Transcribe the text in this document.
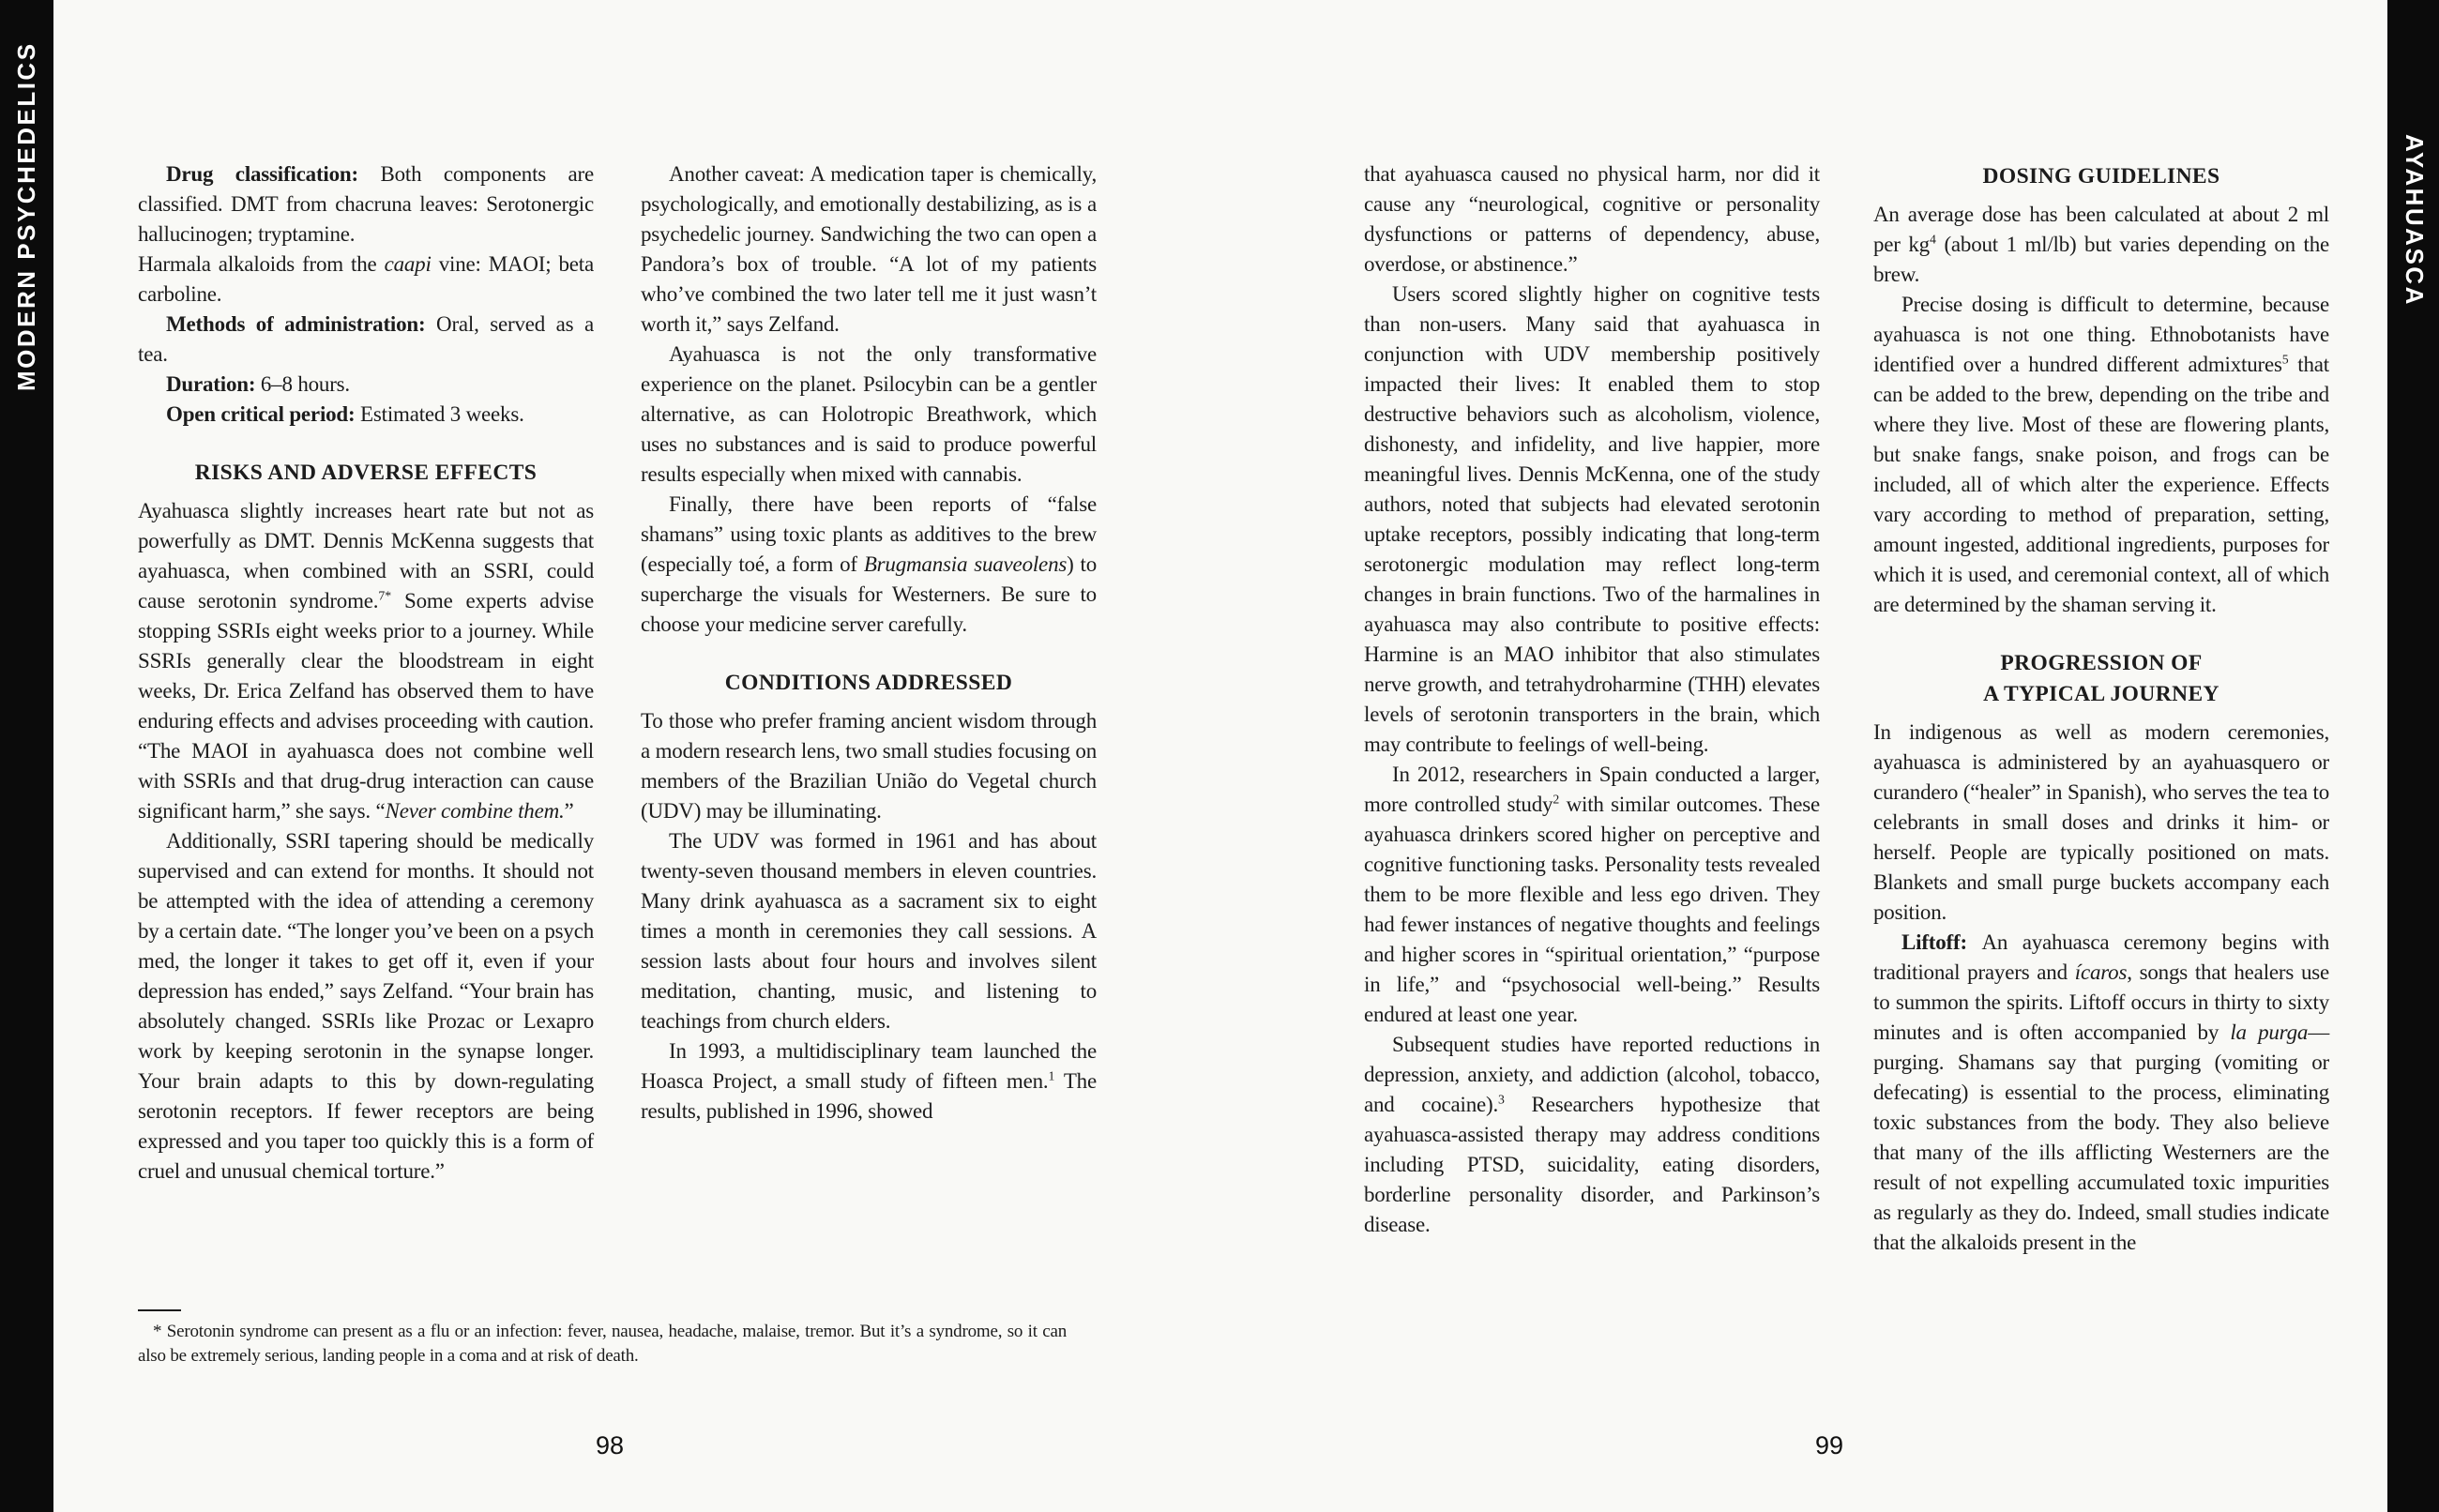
MODERN PSYCHEDELICS	AYAHUASCA

Drug classification: Both components are classified. DMT from chacruna leaves: Serotonergic hallucinogen; tryptamine.

Harmala alkaloids from the caapi vine: MAOI; beta carboline.

Methods of administration: Oral, served as a tea.

Duration: 6–8 hours.

Open critical period: Estimated 3 weeks.

RISKS AND ADVERSE EFFECTS

Ayahuasca slightly increases heart rate but not as powerfully as DMT. Dennis McKenna suggests that ayahuasca, when combined with an SSRI, could cause serotonin syndrome.$^{7*}$ Some experts advise stopping SSRIs eight weeks prior to a journey. While SSRIs generally clear the bloodstream in eight weeks, Dr. Erica Zelfand has observed them to have enduring effects and advises proceeding with caution. “The MAOI in ayahuasca does not combine well with SSRIs and that drug-drug interaction can cause significant harm,” she says. “Never combine them.”

Additionally, SSRI tapering should be medically supervised and can extend for months. It should not be attempted with the idea of attending a ceremony by a certain date. “The longer you’ve been on a psych med, the longer it takes to get off it, even if your depression has ended,” says Zelfand. “Your brain has absolutely changed. SSRIs like Prozac or Lexapro work by keeping serotonin in the synapse longer. Your brain adapts to this by down-regulating serotonin receptors. If fewer receptors are being expressed and you taper too quickly this is a form of cruel and unusual chemical torture.”

Another caveat: A medication taper is chemically, psychologically, and emotionally destabilizing, as is a psychedelic journey. Sandwiching the two can open a Pandora’s box of trouble. “A lot of my patients who’ve combined the two later tell me it just wasn’t worth it,” says Zelfand.

Ayahuasca is not the only transformative experience on the planet. Psilocybin can be a gentler alternative, as can Holotropic Breathwork, which uses no substances and is said to produce powerful results especially when mixed with cannabis.

Finally, there have been reports of “false shamans” using toxic plants as additives to the brew (especially toé, a form of Brugmansia suaveolens) to supercharge the visuals for Westerners. Be sure to choose your medicine server carefully.

CONDITIONS ADDRESSED

To those who prefer framing ancient wisdom through a modern research lens, two small studies focusing on members of the Brazilian União do Vegetal church (UDV) may be illuminating.

The UDV was formed in 1961 and has about twenty-seven thousand members in eleven countries. Many drink ayahuasca as a sacrament six to eight times a month in ceremonies they call sessions. A session lasts about four hours and involves silent meditation, chanting, music, and listening to teachings from church elders.

In 1993, a multidisciplinary team launched the Hoasca Project, a small study of fifteen men.$^1$ The results, published in 1996, showed

that ayahuasca caused no physical harm, nor did it cause any “neurological, cognitive or personality dysfunctions or patterns of dependency, abuse, overdose, or abstinence.”

Users scored slightly higher on cognitive tests than non-users. Many said that ayahuasca in conjunction with UDV membership positively impacted their lives: It enabled them to stop destructive behaviors such as alcoholism, violence, dishonesty, and infidelity, and live happier, more meaningful lives. Dennis McKenna, one of the study authors, noted that subjects had elevated serotonin uptake receptors, possibly indicating that long-term serotonergic modulation may reflect long-term changes in brain functions. Two of the harmalines in ayahuasca may also contribute to positive effects: Harmine is an MAO inhibitor that also stimulates nerve growth, and tetrahydroharmine (THH) elevates levels of serotonin transporters in the brain, which may contribute to feelings of well-being.

In 2012, researchers in Spain conducted a larger, more controlled study$^2$ with similar outcomes. These ayahuasca drinkers scored higher on perceptive and cognitive functioning tasks. Personality tests revealed them to be more flexible and less ego driven. They had fewer instances of negative thoughts and feelings and higher scores in “spiritual orientation,” “purpose in life,” and “psychosocial well-being.” Results endured at least one year.

Subsequent studies have reported reductions in depression, anxiety, and addiction (alcohol, tobacco, and cocaine).$^3$ Researchers hypothesize that ayahuasca-assisted therapy may address conditions including PTSD, suicidality, eating disorders, borderline personality disorder, and Parkinson’s disease.

DOSING GUIDELINES

An average dose has been calculated at about 2 ml per $kg^4$ (about 1 ml/lb) but varies depending on the brew.

Precise dosing is difficult to determine, because ayahuasca is not one thing. Ethnobotanists have identified over a hundred different admixtures$^5$ that can be added to the brew, depending on the tribe and where they live. Most of these are flowering plants, but snake fangs, snake poison, and frogs can be included, all of which alter the experience. Effects vary according to method of preparation, setting, amount ingested, additional ingredients, purposes for which it is used, and ceremonial context, all of which are determined by the shaman serving it.

PROGRESSION OF
A TYPICAL JOURNEY

In indigenous as well as modern ceremonies, ayahuasca is administered by an ayahuasquero or curandero (“healer” in Spanish), who serves the tea to celebrants in small doses and drinks it him- or herself. People are typically positioned on mats. Blankets and small purge buckets accompany each position.

Liftoff: An ayahuasca ceremony begins with traditional prayers and ícaros, songs that healers use to summon the spirits. Liftoff occurs in thirty to sixty minutes and is often accompanied by la purga—purging. Shamans say that purging (vomiting or defecating) is essential to the process, eliminating toxic substances from the body. They also believe that many of the ills afflicting Westerners are the result of not expelling accumulated toxic impurities as regularly as they do. Indeed, small studies indicate that the alkaloids present in the

* Serotonin syndrome can present as a flu or an infection: fever, nausea, headache, malaise, tremor. But it’s a syndrome, so it can also be extremely serious, landing people in a coma and at risk of death.
98	99
